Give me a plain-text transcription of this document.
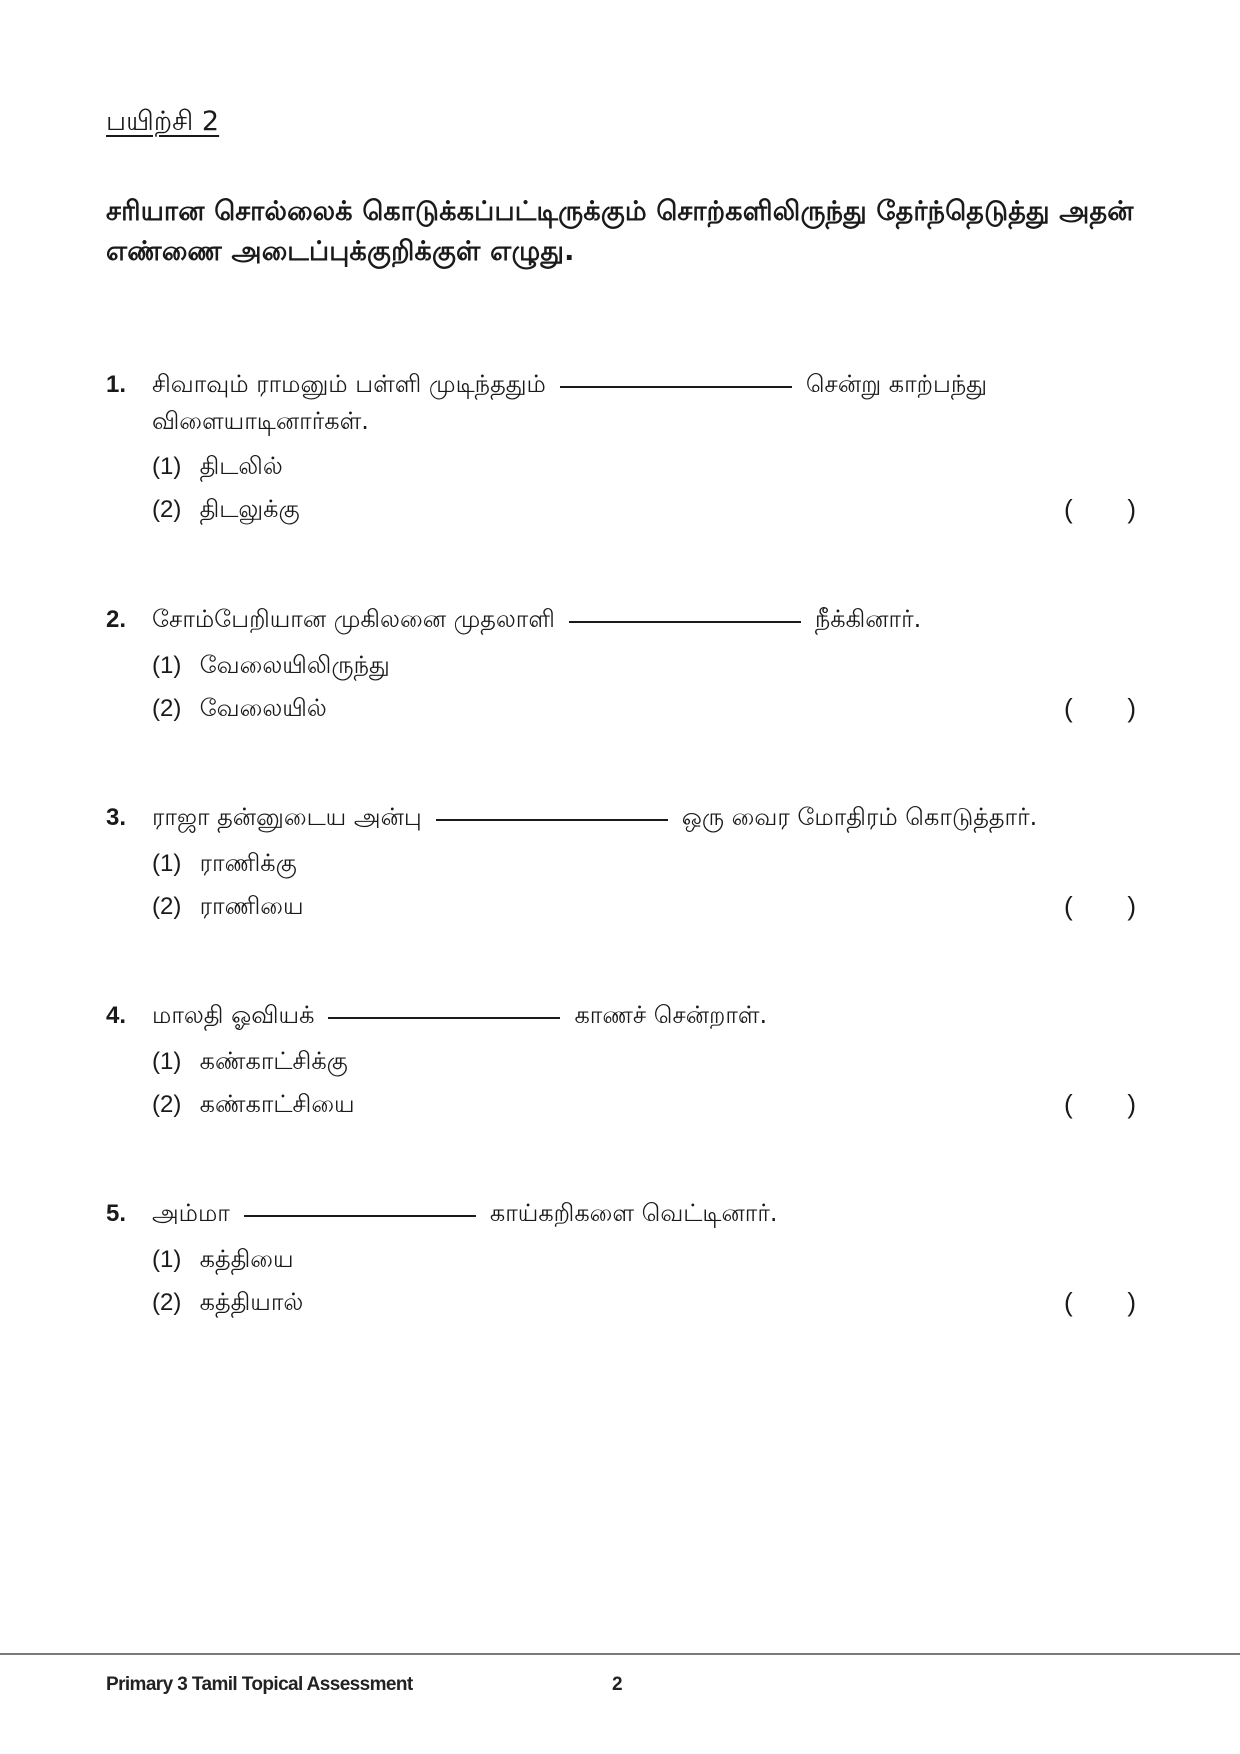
பயிற்சி 2
சரியான சொல்லைக் கொடுக்கப்பட்டிருக்கும் சொற்களிலிருந்து தேர்ந்தெடுத்து அதன் எண்ணை அடைப்புக்குறிக்குள் எழுது.
1.	சிவாவும் ராமனும் பள்ளி முடிந்ததும்	சென்று காற்பந்து
விளையாடினார்கள்.
(1) திடலில்
(2) திடலுக்கு	( )
2.	சோம்பேறியான முகிலனை முதலாளி	நீக்கினார்.
(1) வேலையிலிருந்து
(2) வேலையில்	( )
3.	ராஜா தன்னுடைய அன்பு	ஒரு வைர மோதிரம் கொடுத்தார்.
(1) ராணிக்கு
(2) ராணியை	( )
4.	மாலதி ஓவியக்	காணச் சென்றாள்.
(1) கண்காட்சிக்கு
(2) கண்காட்சியை	( )
5.	அம்மா	காய்கறிகளை வெட்டினார்.
(1) கத்தியை
(2) கத்தியால்	( )
Primary 3 Tamil Topical Assessment	2
